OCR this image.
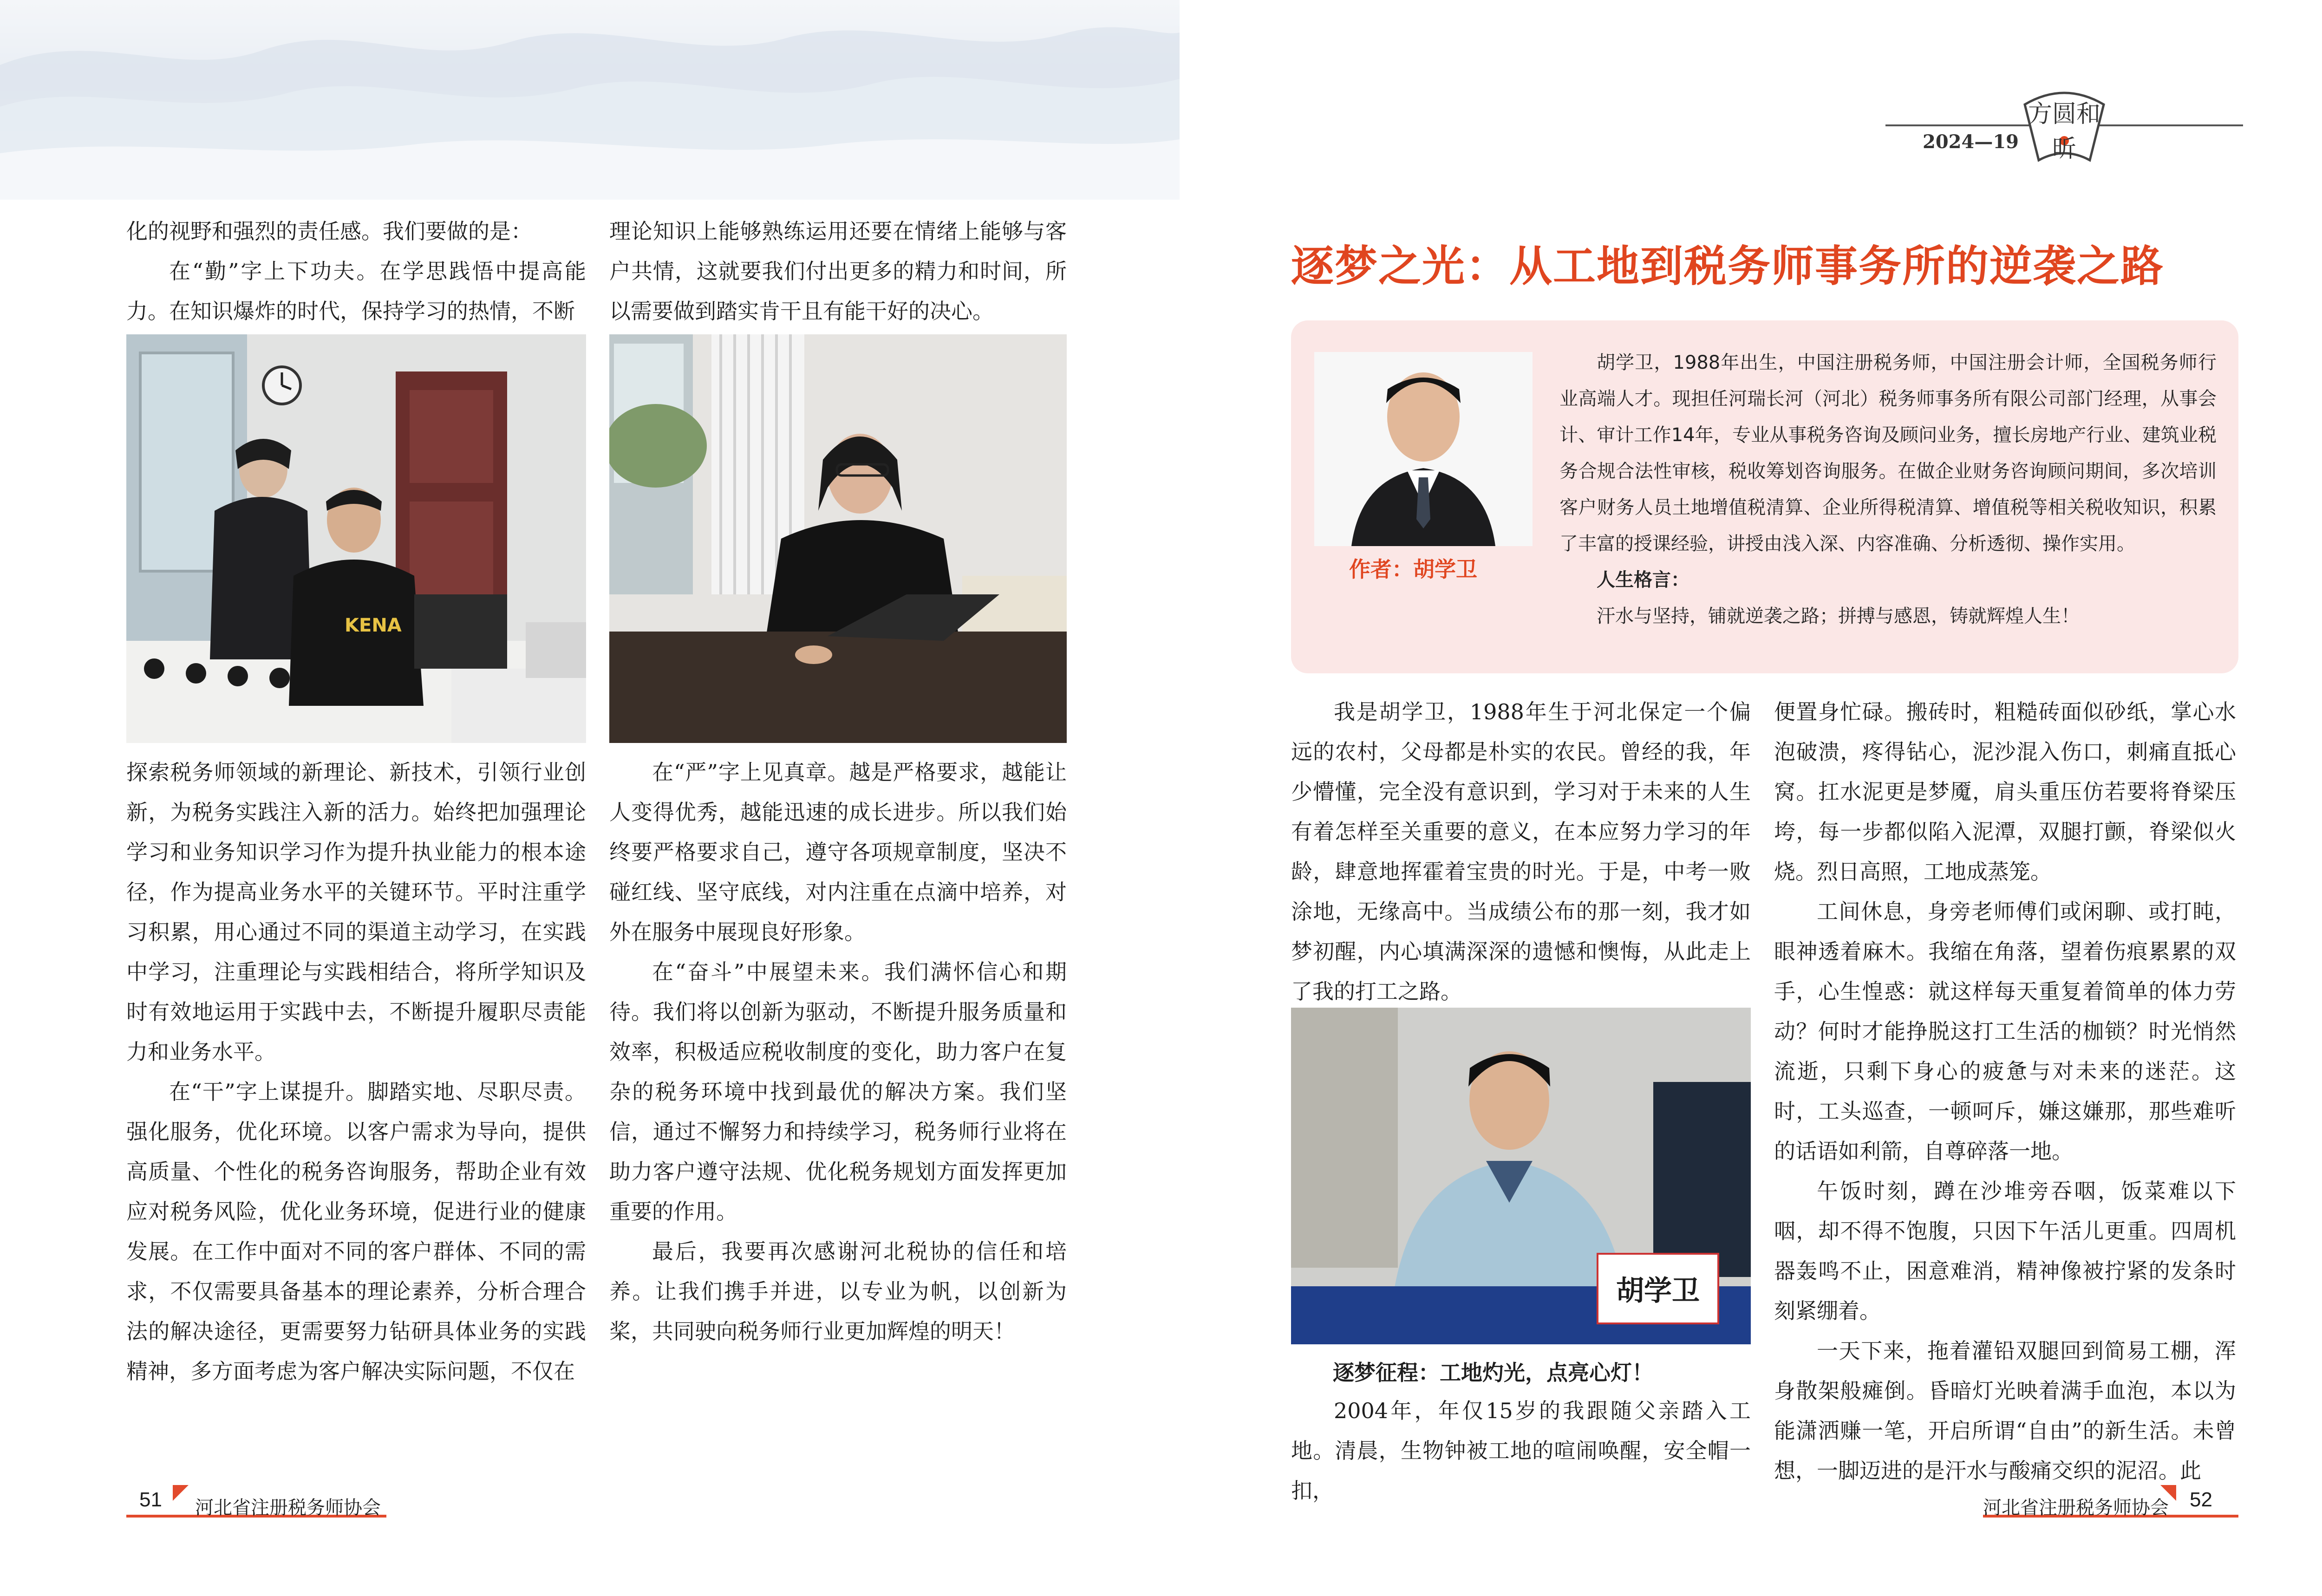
方圆和昕
2024—19

化的视野和强烈的责任感。我们要做的是：

在“勤”字上下功夫。在学思践悟中提高能力。在知识爆炸的时代，保持学习的热情，不断

KENA

探索税务师领域的新理论、新技术，引领行业创新，为税务实践注入新的活力。始终把加强理论学习和业务知识学习作为提升执业能力的根本途径，作为提高业务水平的关键环节。平时注重学习积累，用心通过不同的渠道主动学习，在实践中学习，注重理论与实践相结合，将所学知识及时有效地运用于实践中去，不断提升履职尽责能力和业务水平。

在“干”字上谋提升。脚踏实地、尽职尽责。强化服务，优化环境。以客户需求为导向，提供高质量、个性化的税务咨询服务，帮助企业有效应对税务风险，优化业务环境，促进行业的健康发展。在工作中面对不同的客户群体、不同的需求，不仅需要具备基本的理论素养，分析合理合法的解决途径，更需要努力钻研具体业务的实践精神，多方面考虑为客户解决实际问题，不仅在

理论知识上能够熟练运用还要在情绪上能够与客户共情，这就要我们付出更多的精力和时间，所以需要做到踏实肯干且有能干好的决心。

在“严”字上见真章。越是严格要求，越能让人变得优秀，越能迅速的成长进步。所以我们始终要严格要求自己，遵守各项规章制度，坚决不碰红线、坚守底线，对内注重在点滴中培养，对外在服务中展现良好形象。

在“奋斗”中展望未来。我们满怀信心和期待。我们将以创新为驱动，不断提升服务质量和效率，积极适应税收制度的变化，助力客户在复杂的税务环境中找到最优的解决方案。我们坚信，通过不懈努力和持续学习，税务师行业将在助力客户遵守法规、优化税务规划方面发挥更加重要的作用。

最后，我要再次感谢河北税协的信任和培养。让我们携手并进，以专业为帆，以创新为桨，共同驶向税务师行业更加辉煌的明天！

51 河北省注册税务师协会
逐梦之光：从工地到税务师事务所的逆袭之路
作者：胡学卫

胡学卫，1988年出生，中国注册税务师，中国注册会计师，全国税务师行业高端人才。现担任河瑞长河（河北）税务师事务所有限公司部门经理，从事会计、审计工作14年，专业从事税务咨询及顾问业务，擅长房地产行业、建筑业税务合规合法性审核，税收筹划咨询服务。在做企业财务咨询顾问期间，多次培训客户财务人员土地增值税清算、企业所得税清算、增值税等相关税收知识，积累了丰富的授课经验，讲授由浅入深、内容准确、分析透彻、操作实用。

人生格言：

汗水与坚持，铺就逆袭之路；拼搏与感恩，铸就辉煌人生！

我是胡学卫，1988年生于河北保定一个偏远的农村，父母都是朴实的农民。曾经的我，年少懵懂，完全没有意识到，学习对于未来的人生有着怎样至关重要的意义，在本应努力学习的年龄，肆意地挥霍着宝贵的时光。于是，中考一败涂地，无缘高中。当成绩公布的那一刻，我才如梦初醒，内心填满深深的遗憾和懊悔，从此走上了我的打工之路。

胡学卫
逐梦征程：工地灼光，点亮心灯！

2004年，年仅15岁的我跟随父亲踏入工地。清晨，生物钟被工地的喧闹唤醒，安全帽一扣，

便置身忙碌。搬砖时，粗糙砖面似砂纸，掌心水泡破溃，疼得钻心，泥沙混入伤口，刺痛直抵心窝。扛水泥更是梦魇，肩头重压仿若要将脊梁压垮，每一步都似陷入泥潭，双腿打颤，脊梁似火烧。烈日高照，工地成蒸笼。

工间休息，身旁老师傅们或闲聊、或打盹，眼神透着麻木。我缩在角落，望着伤痕累累的双手，心生惶惑：就这样每天重复着简单的体力劳动？何时才能挣脱这打工生活的枷锁？时光悄然流逝，只剩下身心的疲惫与对未来的迷茫。这时，工头巡查，一顿呵斥，嫌这嫌那，那些难听的话语如利箭，自尊碎落一地。

午饭时刻，蹲在沙堆旁吞咽，饭菜难以下咽，却不得不饱腹，只因下午活儿更重。四周机器轰鸣不止，困意难消，精神像被拧紧的发条时刻紧绷着。

一天下来，拖着灌铅双腿回到简易工棚，浑身散架般瘫倒。昏暗灯光映着满手血泡，本以为能潇洒赚一笔，开启所谓“自由”的新生活。未曾想，一脚迈进的是汗水与酸痛交织的泥沼。此

河北省注册税务师协会 52
